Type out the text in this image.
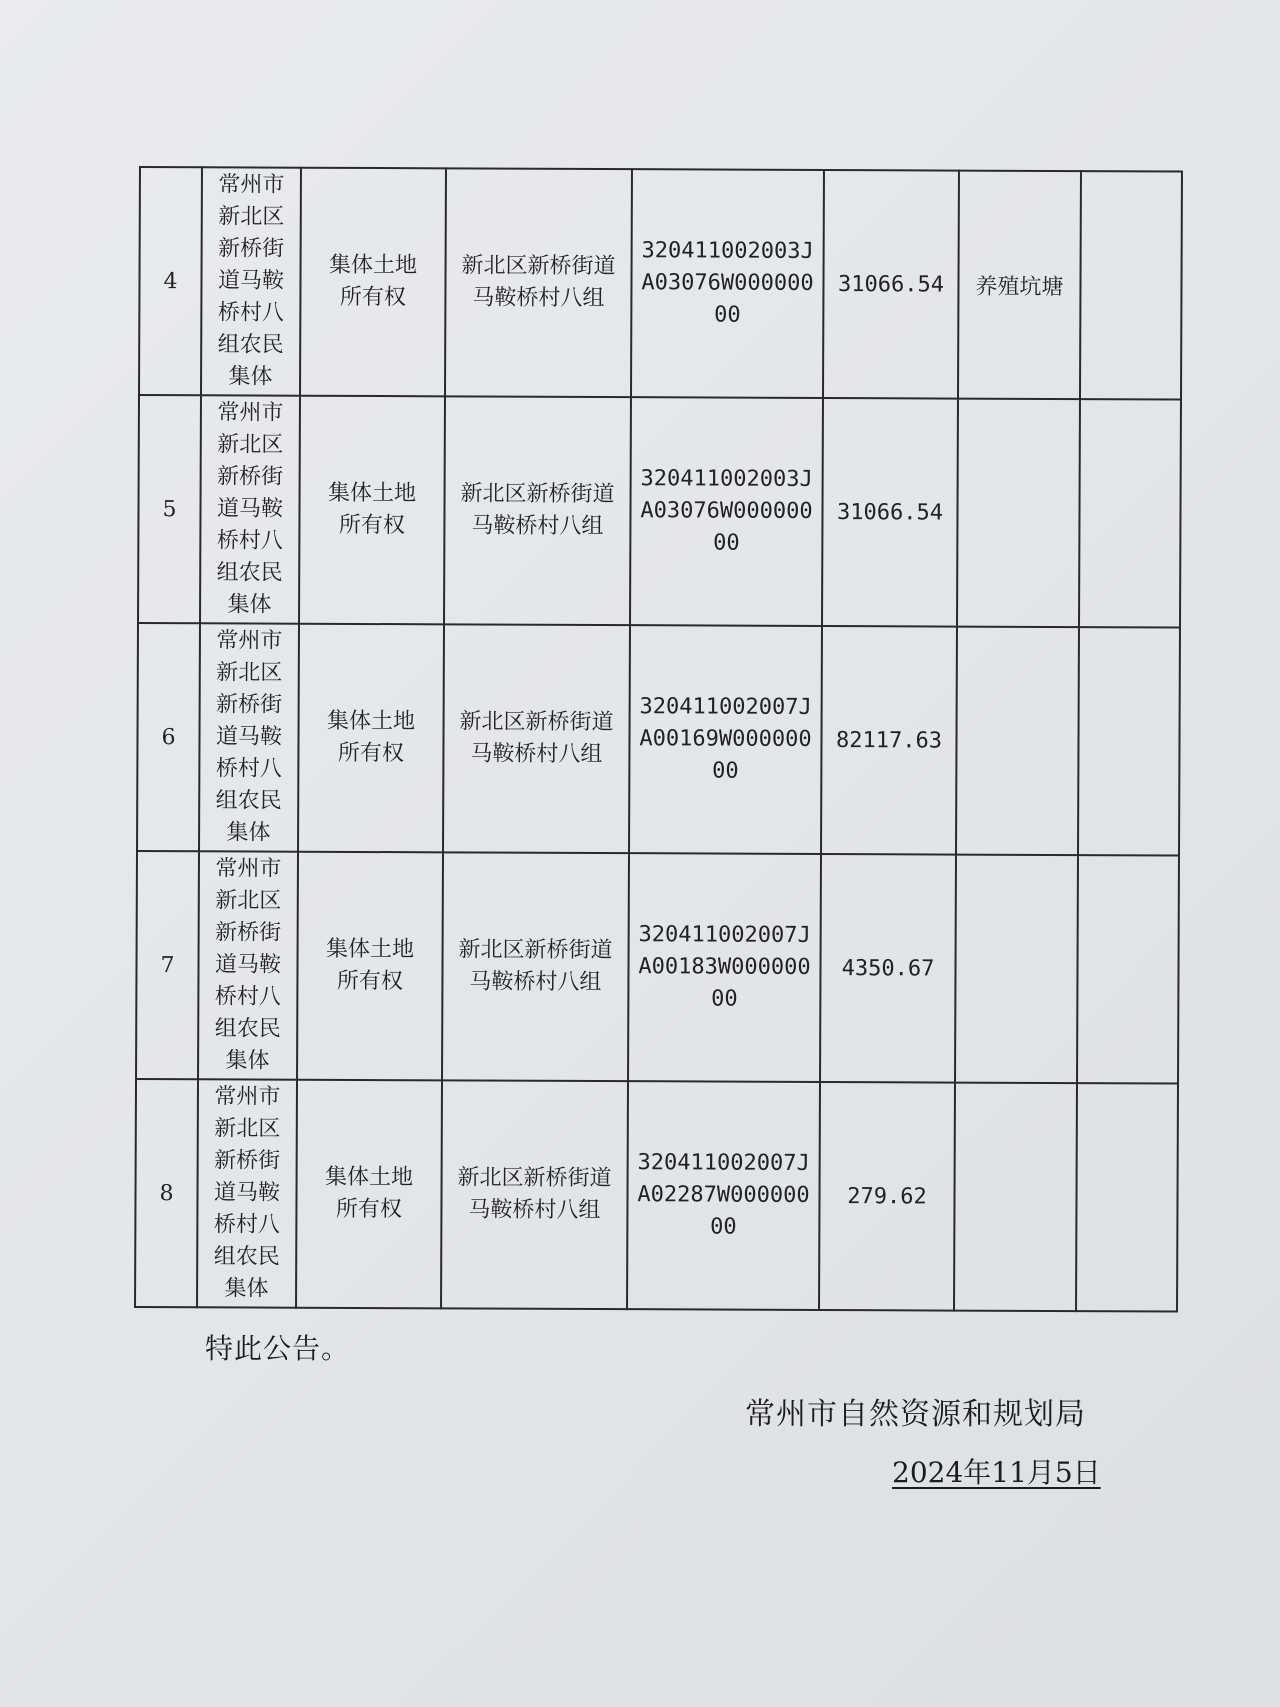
4	常州市新北区新桥街道马鞍桥村八组农民集体	集体土地所有权	新北区新桥街道马鞍桥村八组	320411002003JA03076W00000000	31066.54	养殖坑塘	
5	常州市新北区新桥街道马鞍桥村八组农民集体	集体土地所有权	新北区新桥街道马鞍桥村八组	320411002003JA03076W00000000	31066.54		
6	常州市新北区新桥街道马鞍桥村八组农民集体	集体土地所有权	新北区新桥街道马鞍桥村八组	320411002007JA00169W00000000	82117.63		
7	常州市新北区新桥街道马鞍桥村八组农民集体	集体土地所有权	新北区新桥街道马鞍桥村八组	320411002007JA00183W00000000	4350.67		
8	常州市新北区新桥街道马鞍桥村八组农民集体	集体土地所有权	新北区新桥街道马鞍桥村八组	320411002007JA02287W00000000	279.62		
特此公告。
常州市自然资源和规划局
2024年11月5日
